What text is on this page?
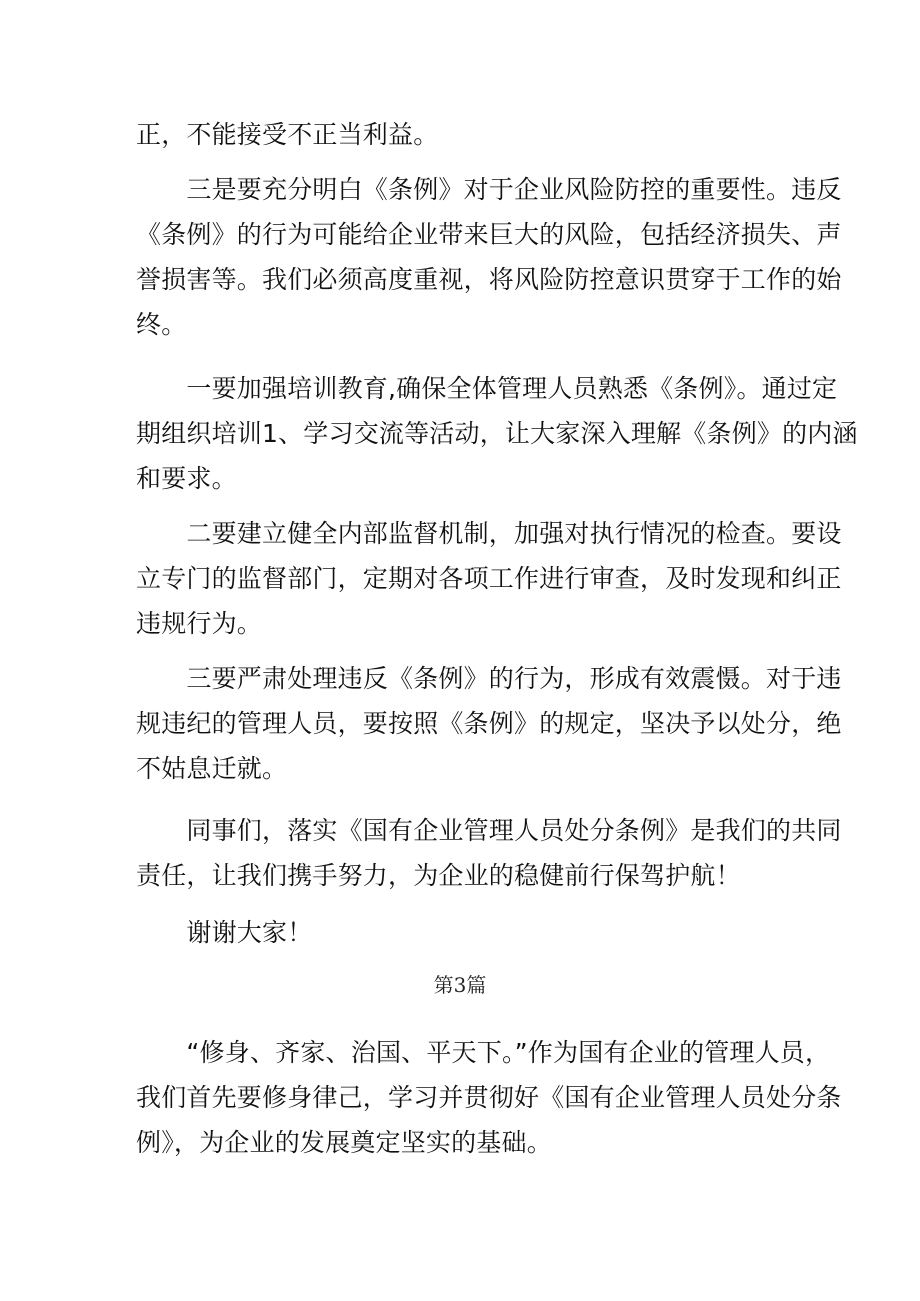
正，不能接受不正当利益。

　　三是要充分明白《条例》对于企业风险防控的重要性。违反
《条例》的行为可能给企业带来巨大的风险，包括经济损失、声
誉损害等。我们必须高度重视，将风险防控意识贯穿于工作的始
终。

　　一要加强培训教育,确保全体管理人员熟悉《条例》。通过定
期组织培训1、学习交流等活动，让大家深入理解《条例》的内涵
和要求。

　　二要建立健全内部监督机制，加强对执行情况的检查。要设
立专门的监督部门，定期对各项工作进行审查，及时发现和纠正
违规行为。

　　三要严肃处理违反《条例》的行为，形成有效震慑。对于违
规违纪的管理人员，要按照《条例》的规定，坚决予以处分，绝
不姑息迁就。

　　同事们，落实《国有企业管理人员处分条例》是我们的共同
责任，让我们携手努力，为企业的稳健前行保驾护航！

　　谢谢大家！

第3篇

　　“修身、齐家、治国、平天下。”作为国有企业的管理人员，
我们首先要修身律己，学习并贯彻好《国有企业管理人员处分条
例》，为企业的发展奠定坚实的基础。
